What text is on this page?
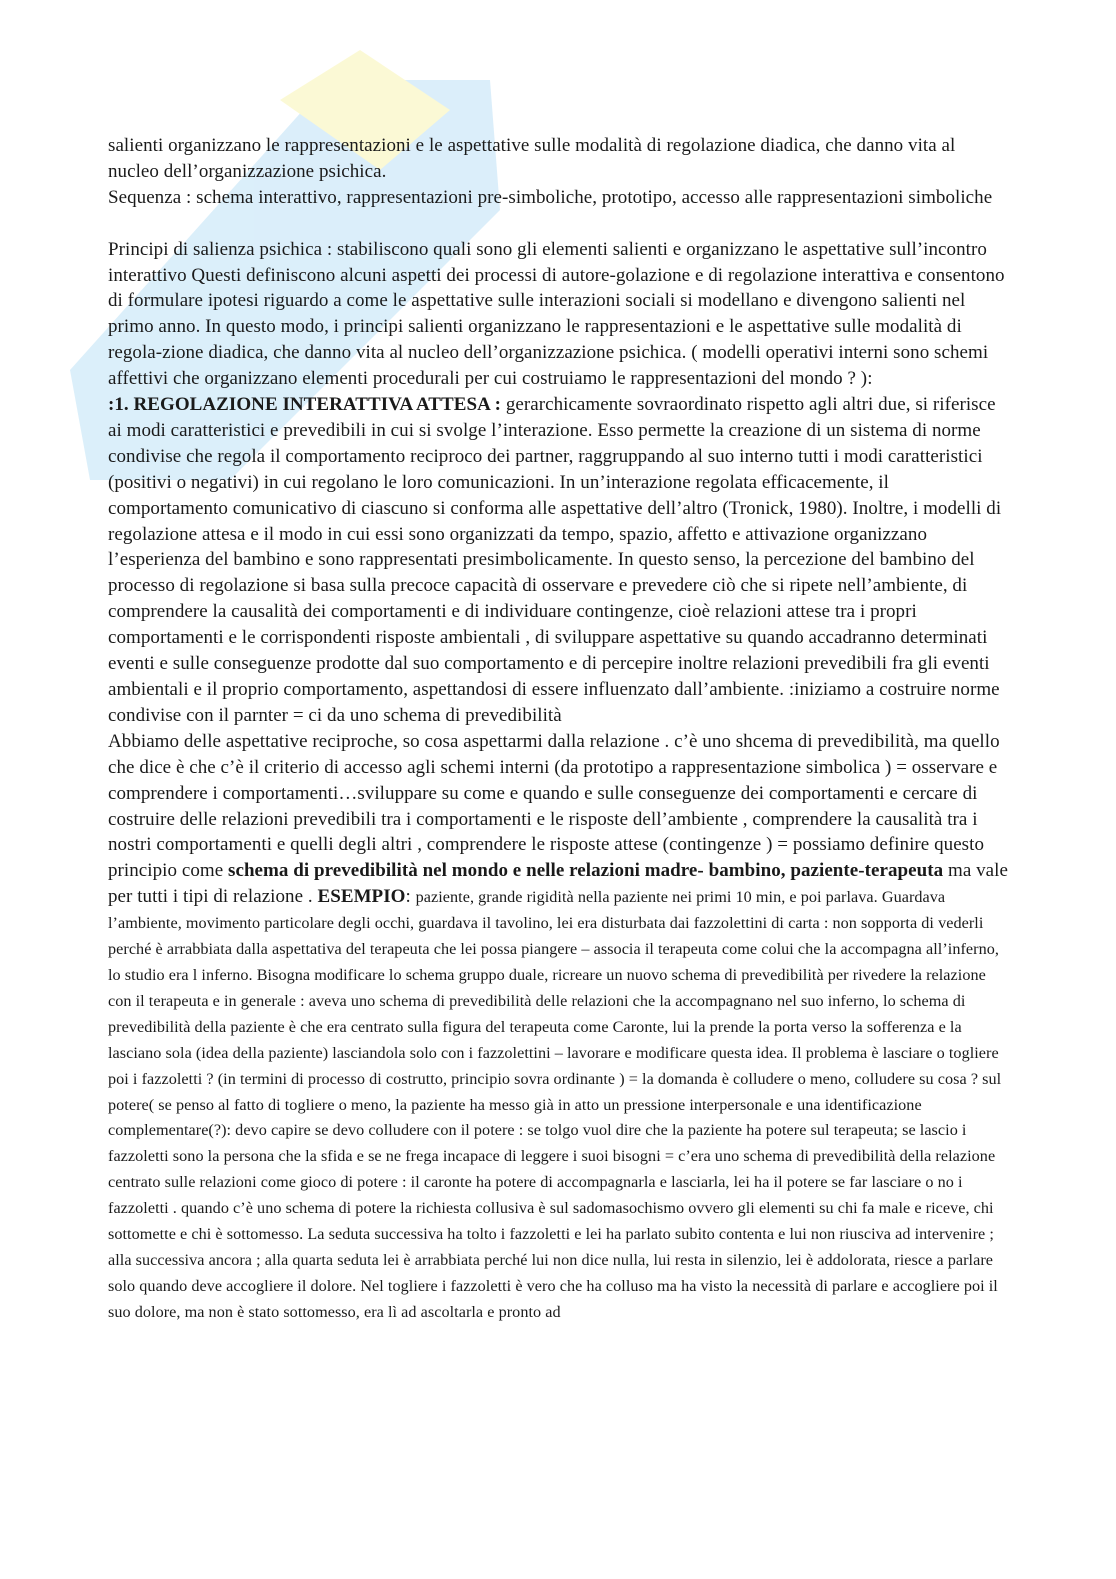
salienti organizzano le rappresentazioni e le aspettative sulle modalità di regolazione diadica, che danno vita al nucleo dell’organizzazione psichica.

Sequenza : schema interattivo, rappresentazioni pre-simboliche, prototipo, accesso alle rappresentazioni simboliche

Principi di salienza psichica : stabiliscono quali sono gli elementi salienti e organizzano le aspettative sull’incontro interattivo Questi definiscono alcuni aspetti dei processi di autore-golazione e di regolazione interattiva e consentono di formulare ipotesi riguardo a come le aspettative sulle interazioni sociali si modellano e divengono salienti nel primo anno. In questo modo, i principi salienti organizzano le rappresentazioni e le aspettative sulle modalità di regola-zione diadica, che danno vita al nucleo dell’organizzazione psichica. ( modelli operativi interni sono schemi affettivi che organizzano elementi procedurali per cui costruiamo le rappresentazioni del mondo ? ):

:1. REGOLAZIONE INTERATTIVA ATTESA : gerarchicamente sovraordinato rispetto agli altri due, si riferisce ai modi caratteristici e prevedibili in cui si svolge l’interazione. Esso permette la creazione di un sistema di norme condivise che regola il comportamento reciproco dei partner, raggruppando al suo interno tutti i modi caratteristici (positivi o negativi) in cui regolano le loro comunicazioni. In un’interazione regolata efficacemente, il comportamento comunicativo di ciascuno si conforma alle aspettative dell’altro (Tronick, 1980). Inoltre, i modelli di regolazione attesa e il modo in cui essi sono organizzati da tempo, spazio, affetto e attivazione organizzano l’esperienza del bambino e sono rappresentati presimbolicamente. In questo senso, la percezione del bambino del processo di regolazione si basa sulla precoce capacità di osservare e prevedere ciò che si ripete nell’ambiente, di comprendere la causalità dei comportamenti e di individuare contingenze, cioè relazioni attese tra i propri comportamenti e le corrispondenti risposte ambientali , di sviluppare aspettative su quando accadranno determinati eventi e sulle conseguenze prodotte dal suo comportamento e di percepire inoltre relazioni prevedibili fra gli eventi ambientali e il proprio comportamento, aspettandosi di essere influenzato dall’ambiente. :iniziamo a costruire norme condivise con il parnter = ci da uno schema di prevedibilità

Abbiamo delle aspettative reciproche, so cosa aspettarmi dalla relazione . c’è uno shcema di prevedibilità, ma quello che dice è che c’è il criterio di accesso agli schemi interni (da prototipo a rappresentazione simbolica ) = osservare e comprendere i comportamenti…sviluppare su come e quando e sulle conseguenze dei comportamenti e cercare di costruire delle relazioni prevedibili tra i comportamenti e le risposte dell’ambiente , comprendere la causalità tra i nostri comportamenti e quelli degli altri , comprendere le risposte attese (contingenze ) = possiamo definire questo principio come schema di prevedibilità nel mondo e nelle relazioni madre- bambino, paziente-terapeuta ma vale per tutti i tipi di relazione . ESEMPIO: paziente, grande rigidità nella paziente nei primi 10 min, e poi parlava. Guardava l’ambiente, movimento particolare degli occhi, guardava il tavolino, lei era disturbata dai fazzolettini di carta : non sopporta di vederli perché è arrabbiata dalla aspettativa del terapeuta che lei possa piangere – associa il terapeuta come colui che la accompagna all’inferno, lo studio era l inferno. Bisogna modificare lo schema gruppo duale, ricreare un nuovo schema di prevedibilità per rivedere la relazione con il terapeuta e in generale : aveva uno schema di prevedibilità delle relazioni che la accompagnano nel suo inferno, lo schema di prevedibilità della paziente è che era centrato sulla figura del terapeuta come Caronte, lui la prende la porta verso la sofferenza e la lasciano sola (idea della paziente) lasciandola solo con i fazzolettini – lavorare e modificare questa idea. Il problema è lasciare o togliere poi i fazzoletti ? (in termini di processo di costrutto, principio sovra ordinante ) = la domanda è colludere o meno, colludere su cosa ? sul potere( se penso al fatto di togliere o meno, la paziente ha messo già in atto un pressione interpersonale e una identificazione complementare(?): devo capire se devo colludere con il potere : se tolgo vuol dire che la paziente ha potere sul terapeuta; se lascio i fazzoletti sono la persona che la sfida e se ne frega incapace di leggere i suoi bisogni = c’era uno schema di prevedibilità della relazione centrato sulle relazioni come gioco di potere : il caronte ha potere di accompagnarla e lasciarla, lei ha il potere se far lasciare o no i fazzoletti . quando c’è uno schema di potere la richiesta collusiva è sul sadomasochismo ovvero gli elementi su chi fa male e riceve, chi sottomette e chi è sottomesso. La seduta successiva ha tolto i fazzoletti e lei ha parlato subito contenta e lui non riusciva ad intervenire ; alla successiva ancora ; alla quarta seduta lei è arrabbiata perché lui non dice nulla, lui resta in silenzio, lei è addolorata, riesce a parlare solo quando deve accogliere il dolore. Nel togliere i fazzoletti è vero che ha colluso ma ha visto la necessità di parlare e accogliere poi il suo dolore, ma non è stato sottomesso, era lì ad ascoltarla e pronto ad
